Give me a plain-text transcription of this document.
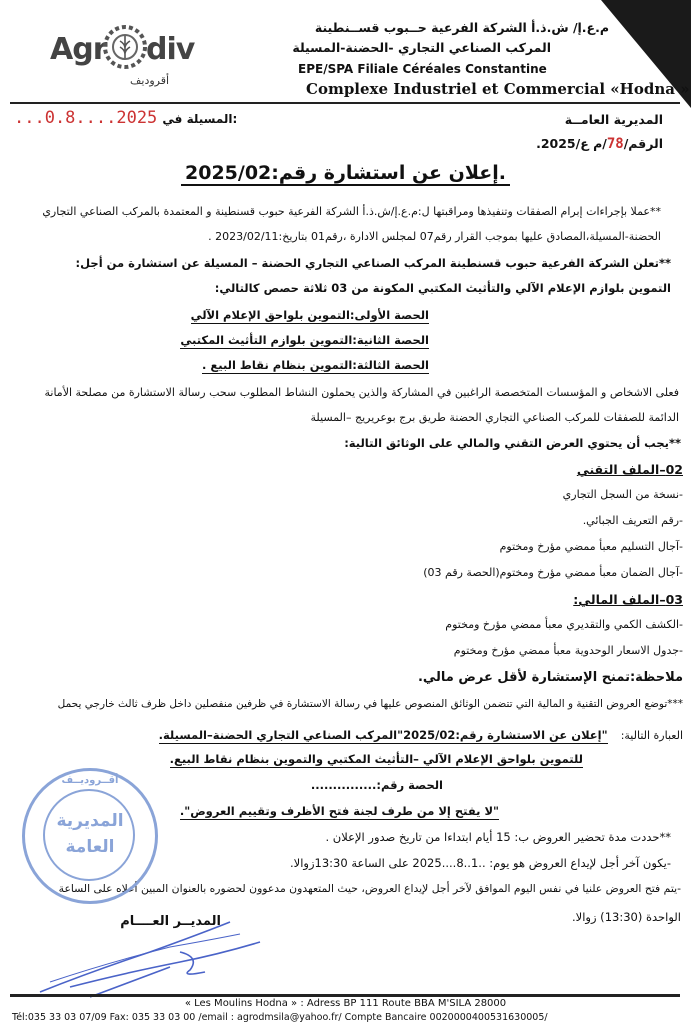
Agr div
أقروديف
م.ع.إ/ ش.ذ.أ الشركة الفرعية حــبوب قســنطينة
المركب الصناعي التجاري -الحضنة-المسيلة
EPE/SPA Filiale Céréales Constantine
Complexe Industriel et Commercial «Hodna »
المديرية العامــة
...0.8....2025 المسيلة في:
الرقم/78/م ع/2025.
إعلان عن استشارة رقم:2025/02.
**عملا بإجراءات إبرام الصفقات وتنفيذها ومراقبتها ل:م.ع.إ/ش.ذ.أ الشركة الفرعية حبوب قسنطينة و المعتمدة بالمركب الصناعي التجاري
الحضنة-المسيلة،المصادق عليها بموجب القرار رقم07 لمجلس الادارة ،رقم01 بتاريخ:2023/02/11 .
**تعلن الشركة الفرعية حبوب قسنطينة المركب الصناعي التجاري الحضنة – المسيلة عن استشارة من أجل:
التموين بلوازم الإعلام الآلي والتأثيث المكتبي المكونة من 03 ثلاثة حصص كالتالي:
الحصة الأولى:التموين بلواحق الإعلام الآلي
الحصة الثانية:التموين بلوازم التأثيث المكتبي
الحصة الثالثة:التموين بنظام نقاط البيع .
فعلى الاشخاص و المؤسسات المتخصصة الراغبين في المشاركة والذين يحملون النشاط المطلوب سحب رسالة الاستشارة من مصلحة الأمانة
الدائمة للصفقات للمركب الصناعي التجاري الحضنة طريق برج بوعريريج –المسيلة
**يجب أن يحتوي العرض التقني والمالي على الوثائق التالية:
02–الملف التقني
-نسخة من السجل التجاري
-رقم التعريف الجبائي.
-آجال التسليم معبأ ممضي مؤرخ ومختوم
-آجال الضمان معبأ ممضي مؤرخ ومختوم(الحصة رقم 03)
03–الملف المالي:
-الكشف الكمي والتقديري معبأ ممضي مؤرخ ومختوم
-جدول الاسعار الوحدوية معبأ ممضي مؤرخ ومختوم
ملاحظة:تمنح الإستشارة لأقل عرض مالي.
***توضع العروض التقنية و المالية التي تتضمن الوثائق المنصوص عليها في رسالة الاستشارة في ظرفين منفصلين داخل ظرف ثالث خارجي يحمل
العبارة التالية: "إعلان عن الاستشارة رقم:2025/02"المركب الصناعي التجاري الحضنة–المسيلة.
للتموين بلواحق الإعلام الآلي –التأثيث المكتبي والتموين بنظام نقاط البيع.
الحصة رقم:...............
"لا يفتح إلا من طرف لجنة فتح الأظرف وتقييم العروض".
**حددت مدة تحضير العروض ب: 15 أيام ابتداءا من تاريخ صدور الإعلان .
-يكون آخر أجل لإيداع العروض هو يوم: ..1..8....2025 على الساعة 13:30زوالا.
-يتم فتح العروض علنيا في نفس اليوم الموافق لآخر أجل لإيداع العروض، حيث المتعهدون مدعوون لحضوره بالعنوان المبين أعلاه على الساعة
الواحدة (13:30) زوالا.
المديــر العــــام
أقــروديــف
المديرية
العامة
« Les Moulins Hodna » : Adress BP 111 Route BBA M'SILA 28000
Tél:035 33 03 07/09 Fax: 035 33 03 00 /email : agrodmsila@yahoo.fr/ Compte Bancaire 0020000400531630005/
